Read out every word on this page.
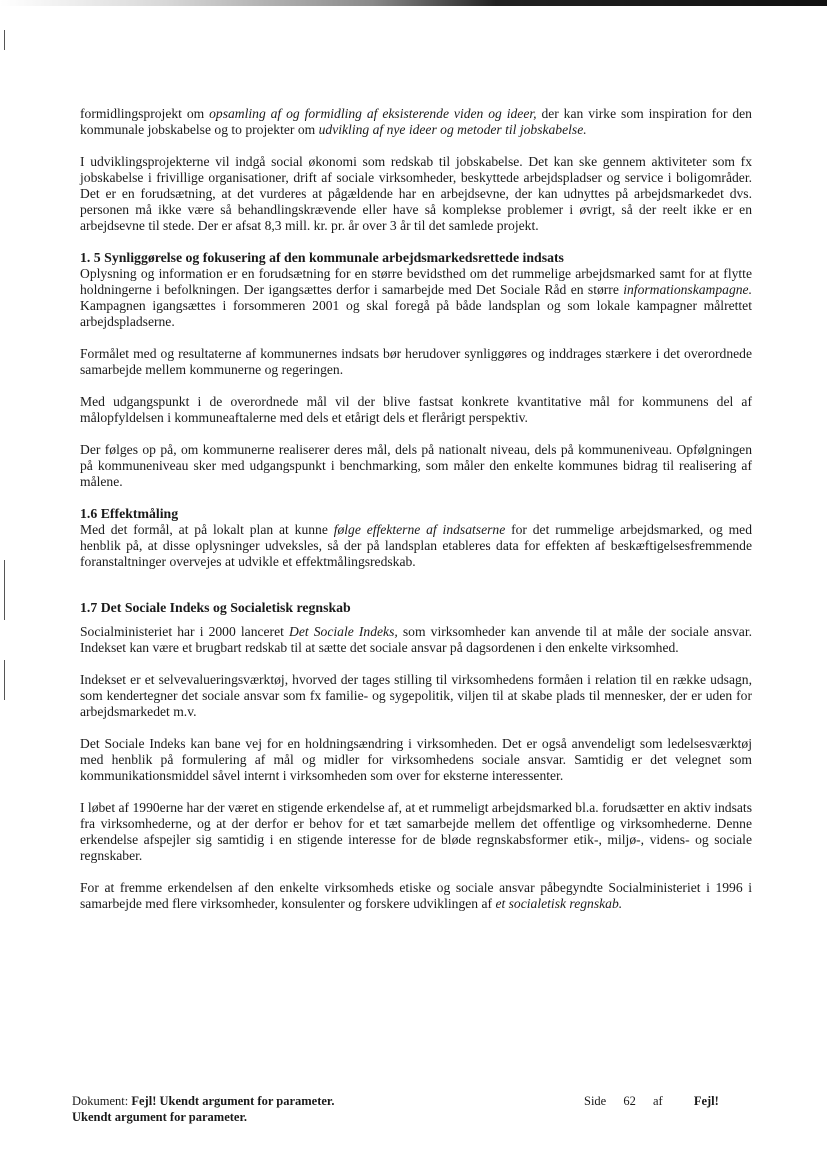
formidlingsprojekt om opsamling af og formidling af eksisterende viden og ideer, der kan virke som inspiration for den kommunale jobskabelse og to projekter om udvikling af nye ideer og metoder til jobskabelse.

I udviklingsprojekterne vil indgå social økonomi som redskab til jobskabelse. Det kan ske gennem aktiviteter som fx jobskabelse i frivillige organisationer, drift af sociale virksomheder, beskyttede arbejdspladser og service i boligområder. Det er en forudsætning, at det vurderes at pågældende har en arbejdsevne, der kan udnyttes på arbejdsmarkedet dvs. personen må ikke være så behandlingskrævende eller have så komplekse problemer i øvrigt, så der reelt ikke er en arbejdsevne til stede. Der er afsat 8,3 mill. kr. pr. år over 3 år til det samlede projekt.

1. 5 Synliggørelse og fokusering af den kommunale arbejdsmarkedsrettede indsats

Oplysning og information er en forudsætning for en større bevidsthed om det rummelige arbejdsmarked samt for at flytte holdningerne i befolkningen. Der igangsættes derfor i samarbejde med Det Sociale Råd en større informationskampagne. Kampagnen igangsættes i forsommeren 2001 og skal foregå på både landsplan og som lokale kampagner målrettet arbejdspladserne.

Formålet med og resultaterne af kommunernes indsats bør herudover synliggøres og inddrages stærkere i det overordnede samarbejde mellem kommunerne og regeringen.

Med udgangspunkt i de overordnede mål vil der blive fastsat konkrete kvantitative mål for kommunens del af målopfyldelsen i kommuneaftalerne med dels et etårigt dels et flerårigt perspektiv.

Der følges op på, om kommunerne realiserer deres mål, dels på nationalt niveau, dels på kommuneniveau. Opfølgningen på kommuneniveau sker med udgangspunkt i benchmarking, som måler den enkelte kommunes bidrag til realisering af målene.

1.6 Effektmåling

Med det formål, at på lokalt plan at kunne følge effekterne af indsatserne for det rummelige arbejdsmarked, og med henblik på, at disse oplysninger udveksles, så der på landsplan etableres data for effekten af beskæftigelsesfremmende foranstaltninger overvejes at udvikle et effektmålingsredskab.

1.7 Det Sociale Indeks og Socialetisk regnskab

Socialministeriet har i 2000 lanceret Det Sociale Indeks, som virksomheder kan anvende til at måle der sociale ansvar. Indekset kan være et brugbart redskab til at sætte det sociale ansvar på dagsordenen i den enkelte virksomhed.

Indekset er et selvevalueringsværktøj, hvorved der tages stilling til virksomhedens formåen i relation til en række udsagn, som kendertegner det sociale ansvar som fx familie- og sygepolitik, viljen til at skabe plads til mennesker, der er uden for arbejdsmarkedet m.v.

Det Sociale Indeks kan bane vej for en holdningsændring i virksomheden. Det er også anvendeligt som ledelsesværktøj med henblik på formulering af mål og midler for virksomhedens sociale ansvar. Samtidig er det velegnet som kommunikationsmiddel såvel internt i virksomheden som over for eksterne interessenter.

I løbet af 1990erne har der været en stigende erkendelse af, at et rummeligt arbejdsmarked bl.a. forudsætter en aktiv indsats fra virksomhederne, og at der derfor er behov for et tæt samarbejde mellem det offentlige og virksomhederne. Denne erkendelse afspejler sig samtidig i en stigende interesse for de bløde regnskabsformer etik-, miljø-, videns- og sociale regnskaber.

For at fremme erkendelsen af den enkelte virksomheds etiske og sociale ansvar påbegyndte Socialministeriet i 1996 i samarbejde med flere virksomheder, konsulenter og forskere udviklingen af et socialetisk regnskab.

Dokument: Fejl! Ukendt argument for parameter.
Ukendt argument for parameter.
Side 62 af Fejl!
